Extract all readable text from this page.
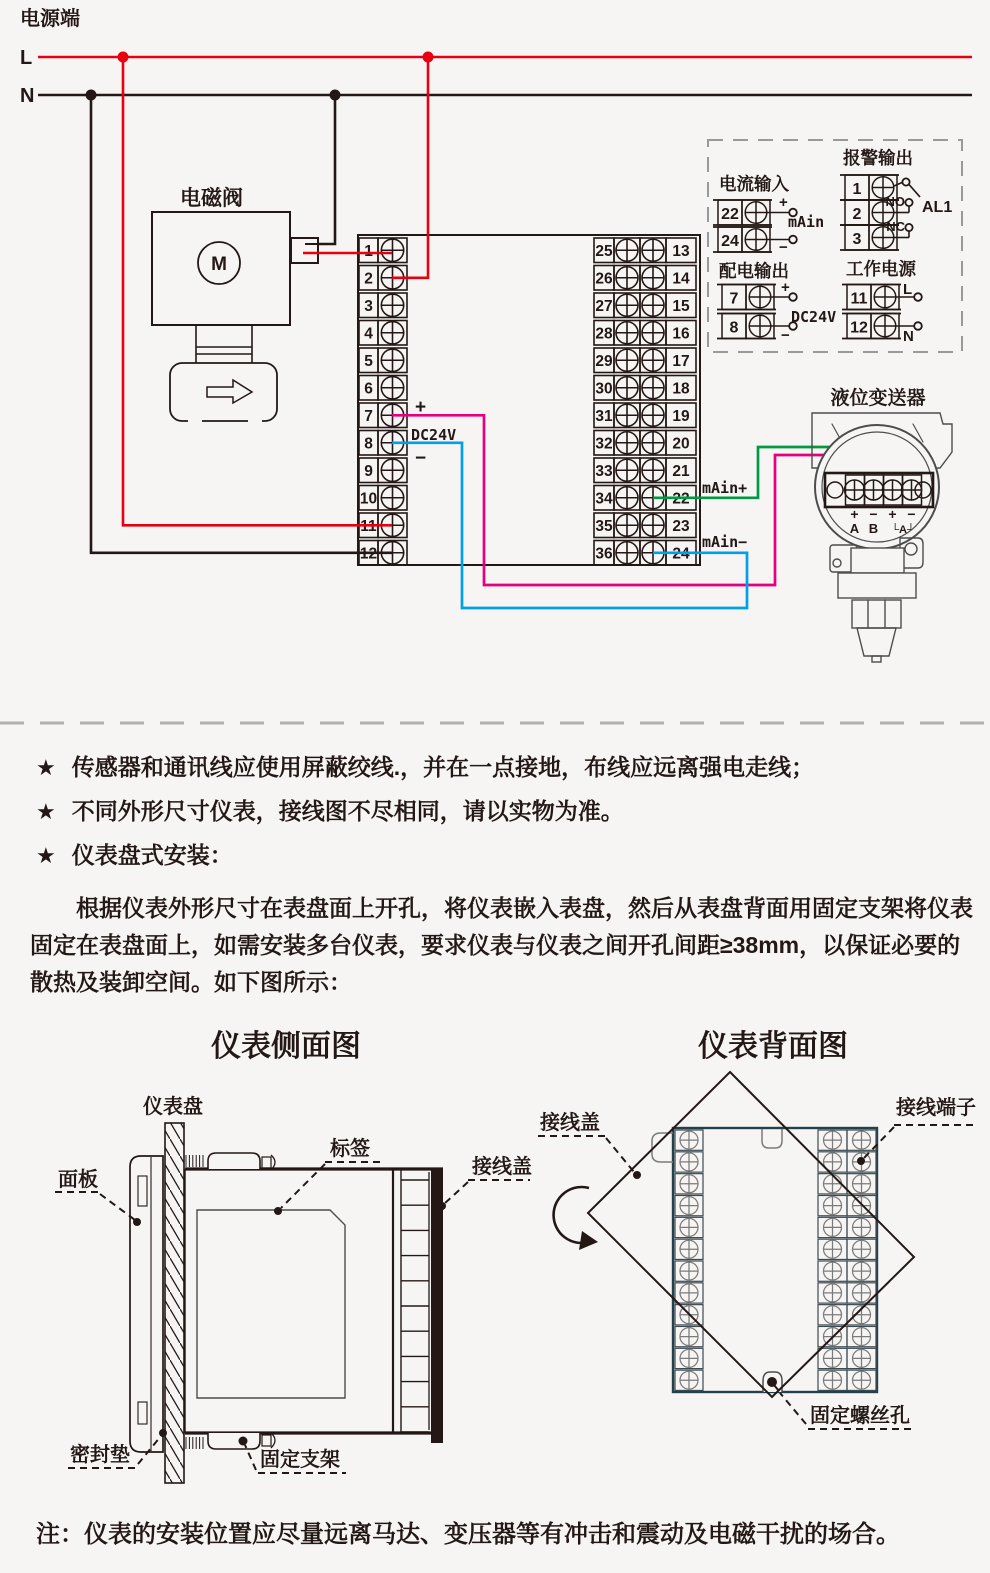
电源端
L
N
电磁阀
M
1	25	13
2	26	14
3	27	15
4	28	16
5	29	17
6	30	18
7	31	19
8	32	20
9	33	21
10	34	22
11	35	23
12	36	24
+
DC24V
−
mAin+
mAin−
电流输入
22
24
+
mAin
−
报警输出
1
2
3
NO
NC
AL1
配电输出
7
8
+
DC24V
−
工作电源
11
12
L
N
液位变送器
+ − + −
A B └A┘
仪表侧面图
仪表盘
面板
标签
接线盖
密封垫	固定支架
仪表背面图
接线盖
接线端子
固定螺丝孔
★ 传感器和通讯线应使用屏蔽绞线.，并在一点接地，布线应远离强电走线；
★ 不同外形尺寸仪表，接线图不尽相同，请以实物为准。
★ 仪表盘式安装：
根据仪表外形尺寸在表盘面上开孔，将仪表嵌入表盘，然后从表盘背面用固定支架将仪表固定在表盘面上，如需安装多台仪表，要求仪表与仪表之间开孔间距≥38mm，以保证必要的散热及装卸空间。如下图所示：
注：仪表的安装位置应尽量远离马达、变压器等有冲击和震动及电磁干扰的场合。
